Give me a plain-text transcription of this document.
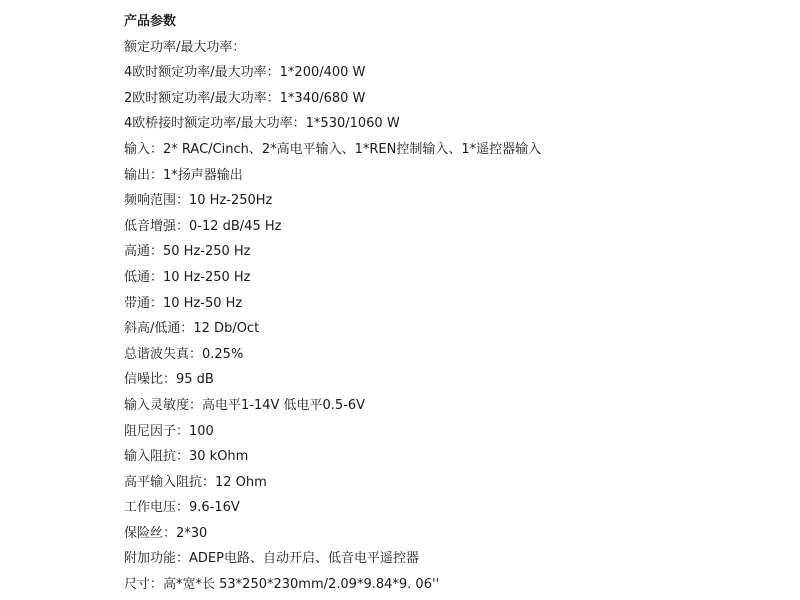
产品参数
额定功率/最大功率：
4欧时额定功率/最大功率：1*200/400 W
2欧时额定功率/最大功率：1*340/680 W
4欧桥接时额定功率/最大功率：1*530/1060 W
输入：2* RAC/Cinch、2*高电平输入、1*REN控制输入、1*遥控器输入
输出：1*扬声器输出
频响范围：10 Hz-250Hz
低音增强：0-12 dB/45 Hz
高通：50 Hz-250 Hz
低通：10 Hz-250 Hz
带通：10 Hz-50 Hz
斜高/低通：12 Db/Oct
总谐波失真：0.25%
信噪比：95 dB
输入灵敏度：高电平1-14V 低电平0.5-6V
阻尼因子：100
输入阻抗：30 kOhm
高平输入阻抗：12 Ohm
工作电压：9.6-16V
保险丝：2*30
附加功能：ADEP电路、自动开启、低音电平遥控器
尺寸：高*宽*长 53*250*230mm/2.09*9.84*9. 06''
